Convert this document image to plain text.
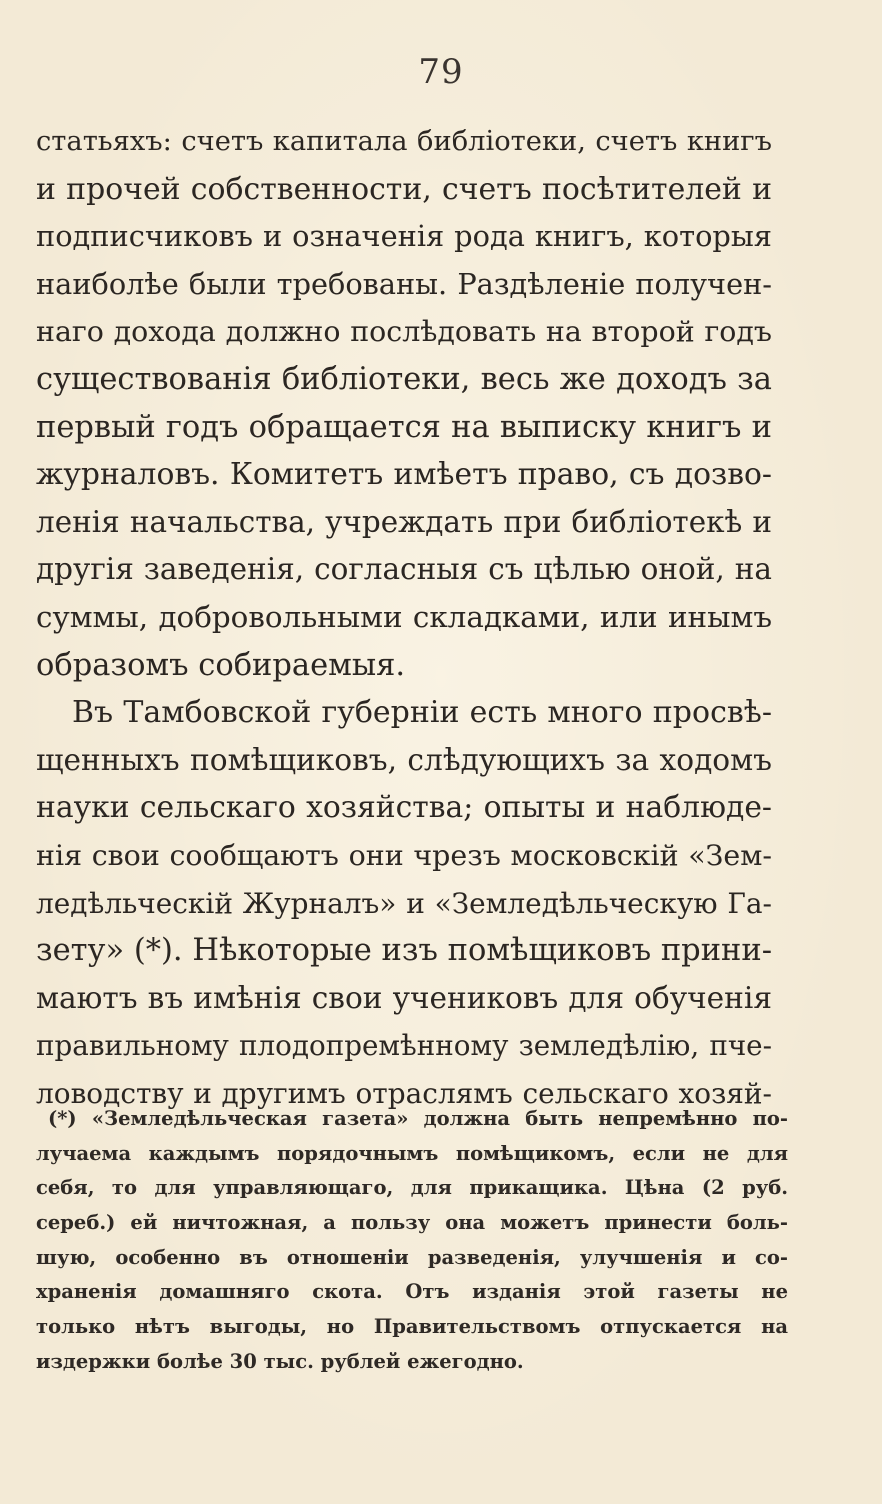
79
статьяхъ: счетъ капитала библіотеки, счетъ книгъ
и прочей собственности, счетъ посѣтителей и
подписчиковъ и означенія рода книгъ, которыя
наиболѣе были требованы. Раздѣленіе получен-
наго дохода должно послѣдовать на второй годъ
существованія библіотеки, весь же доходъ за
первый годъ обращается на выписку книгъ и
журналовъ. Комитетъ имѣетъ право, съ дозво-
ленія начальства, учреждать при библіотекѣ и
другія заведенія, согласныя съ цѣлью оной, на
суммы, добровольными складками, или инымъ
образомъ собираемыя.
Въ Тамбовской губерніи есть много просвѣ-
щенныхъ помѣщиковъ, слѣдующихъ за ходомъ
науки сельскаго хозяйства; опыты и наблюде-
нія свои сообщаютъ они чрезъ московскій «Зем-
ледѣльческій Журналъ» и «Земледѣльческую Га-
зету» (*). Нѣкоторые изъ помѣщиковъ прини-
маютъ въ имѣнія свои учениковъ для обученія
правильному плодопремѣнному земледѣлію, пче-
ловодству и другимъ отраслямъ сельскаго хозяй-
(*) «Земледѣльческая газета» должна быть непремѣнно по-
лучаема каждымъ порядочнымъ помѣщикомъ, если не для
себя, то для управляющаго, для прикащика. Цѣна (2 руб.
сереб.) ей ничтожная, а пользу она можетъ принести боль-
шую, особенно въ отношеніи разведенія, улучшенія и со-
храненія домашняго скота. Отъ изданія этой газеты не
только нѣтъ выгоды, но Правительствомъ отпускается на
издержки болѣе 30 тыс. рублей ежегодно.
